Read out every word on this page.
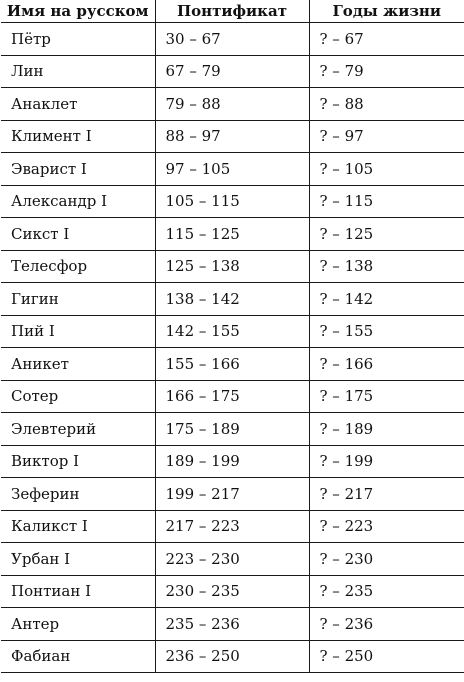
Имя на русском	Понтификат	Годы жизни
Пётр	30 – 67	? – 67
Лин	67 – 79	? – 79
Анаклет	79 – 88	? – 88
Климент I	88 – 97	? – 97
Эварист I	97 – 105	? – 105
Александр I	105 – 115	? – 115
Сикст I	115 – 125	? – 125
Телесфор	125 – 138	? – 138
Гигин	138 – 142	? – 142
Пий I	142 – 155	? – 155
Аникет	155 – 166	? – 166
Сотер	166 – 175	? – 175
Элевтерий	175 – 189	? – 189
Виктор I	189 – 199	? – 199
Зеферин	199 – 217	? – 217
Каликст I	217 – 223	? – 223
Урбан I	223 – 230	? – 230
Понтиан I	230 – 235	? – 235
Антер	235 – 236	? – 236
Фабиан	236 – 250	? – 250
